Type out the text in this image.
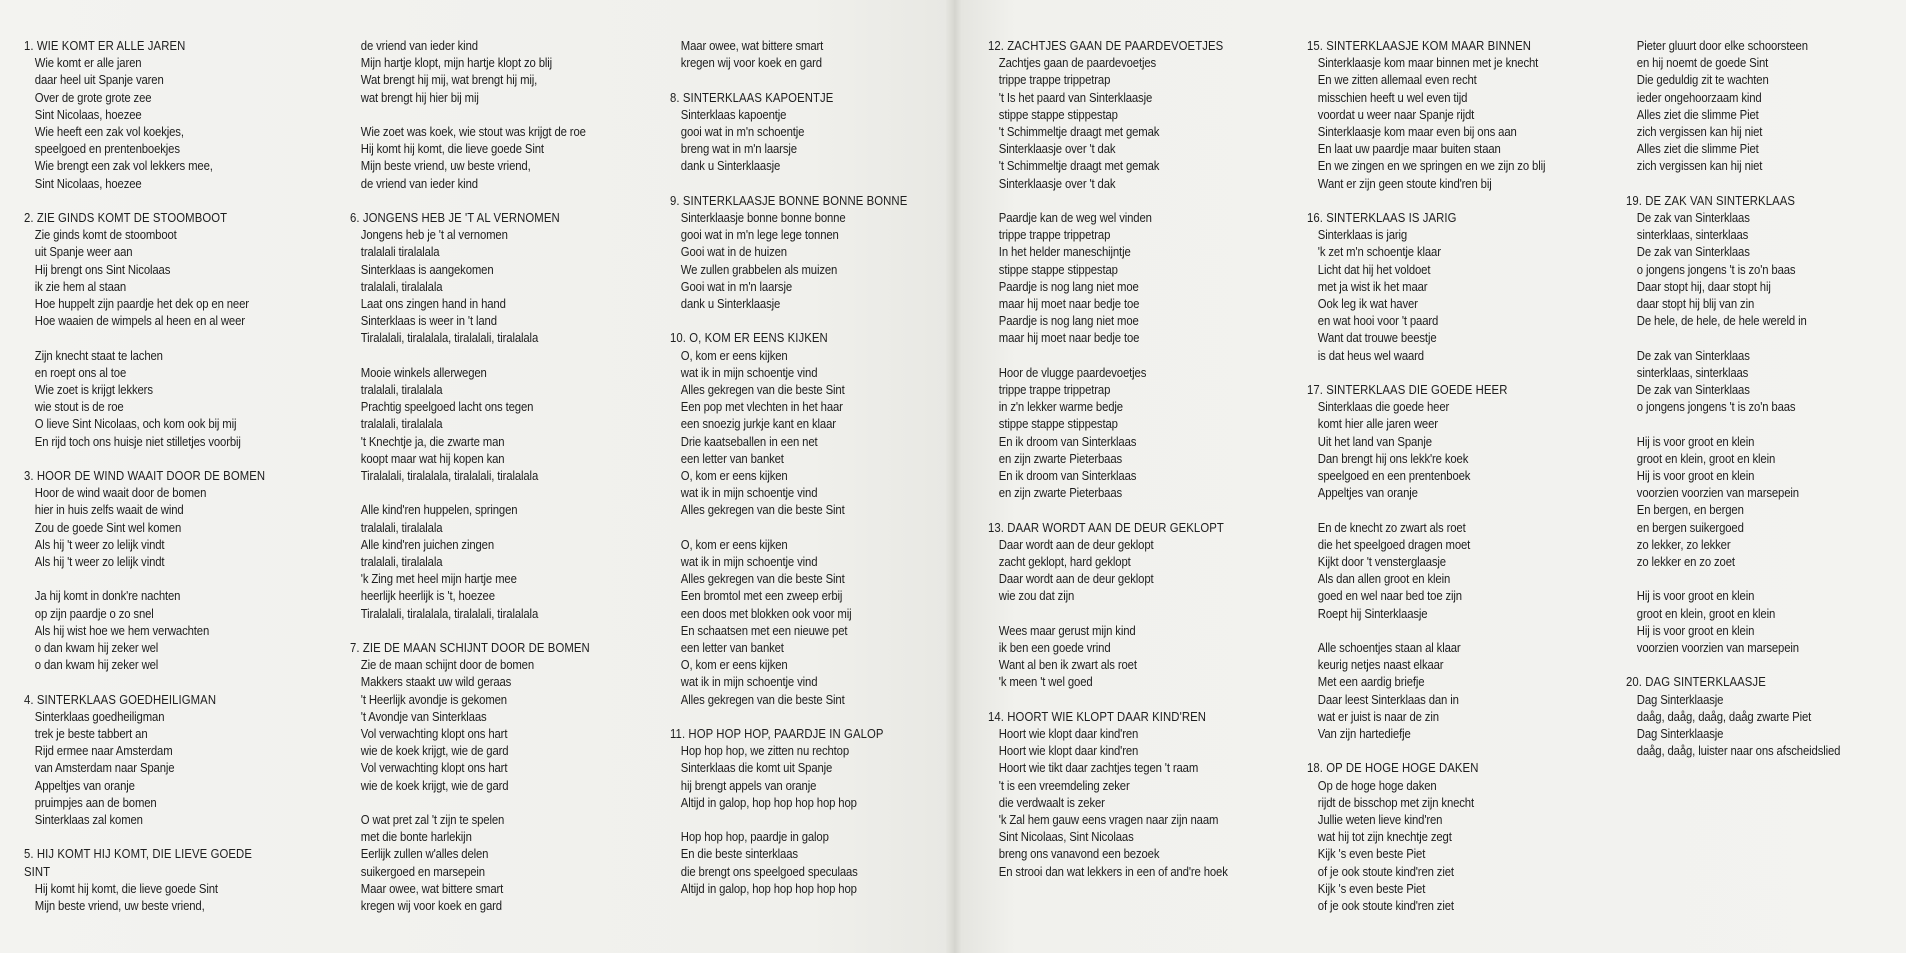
1. WIE KOMT ER ALLE JAREN
Wie komt er alle jaren
daar heel uit Spanje varen
Over de grote grote zee
Sint Nicolaas, hoezee
Wie heeft een zak vol koekjes,
speelgoed en prentenboekjes
Wie brengt een zak vol lekkers mee,
Sint Nicolaas, hoezee
2. ZIE GINDS KOMT DE STOOMBOOT
Zie ginds komt de stoomboot
uit Spanje weer aan
Hij brengt ons Sint Nicolaas
ik zie hem al staan
Hoe huppelt zijn paardje het dek op en neer
Hoe waaien de wimpels al heen en al weer
Zijn knecht staat te lachen
en roept ons al toe
Wie zoet is krijgt lekkers
wie stout is de roe
O lieve Sint Nicolaas, och kom ook bij mij
En rijd toch ons huisje niet stilletjes voorbij
3. HOOR DE WIND WAAIT DOOR DE BOMEN
Hoor de wind waait door de bomen
hier in huis zelfs waait de wind
Zou de goede Sint wel komen
Als hij 't weer zo lelijk vindt
Als hij 't weer zo lelijk vindt
Ja hij komt in donk're nachten
op zijn paardje o zo snel
Als hij wist hoe we hem verwachten
o dan kwam hij zeker wel
o dan kwam hij zeker wel
4. SINTERKLAAS GOEDHEILIGMAN
Sinterklaas goedheiligman
trek je beste tabbert an
Rijd ermee naar Amsterdam
van Amsterdam naar Spanje
Appeltjes van oranje
pruimpjes aan de bomen
Sinterklaas zal komen
5. HIJ KOMT HIJ KOMT, DIE LIEVE GOEDE
SINT
Hij komt hij komt, die lieve goede Sint
Mijn beste vriend, uw beste vriend,
de vriend van ieder kind
Mijn hartje klopt, mijn hartje klopt zo blij
Wat brengt hij mij, wat brengt hij mij,
wat brengt hij hier bij mij
Wie zoet was koek, wie stout was krijgt de roe
Hij komt hij komt, die lieve goede Sint
Mijn beste vriend, uw beste vriend,
de vriend van ieder kind
6. JONGENS HEB JE 'T AL VERNOMEN
Jongens heb je 't al vernomen
tralalali tiralalala
Sinterklaas is aangekomen
tralalali, tiralalala
Laat ons zingen hand in hand
Sinterklaas is weer in 't land
Tiralalali, tiralalala, tiralalali, tiralalala
Mooie winkels allerwegen
tralalali, tiralalala
Prachtig speelgoed lacht ons tegen
tralalali, tiralalala
't Knechtje ja, die zwarte man
koopt maar wat hij kopen kan
Tiralalali, tiralalala, tiralalali, tiralalala
Alle kind'ren huppelen, springen
tralalali, tiralalala
Alle kind'ren juichen zingen
tralalali, tiralalala
'k Zing met heel mijn hartje mee
heerlijk heerlijk is 't, hoezee
Tiralalali, tiralalala, tiralalali, tiralalala
7. ZIE DE MAAN SCHIJNT DOOR DE BOMEN
Zie de maan schijnt door de bomen
Makkers staakt uw wild geraas
't Heerlijk avondje is gekomen
't Avondje van Sinterklaas
Vol verwachting klopt ons hart
wie de koek krijgt, wie de gard
Vol verwachting klopt ons hart
wie de koek krijgt, wie de gard
O wat pret zal 't zijn te spelen
met die bonte harlekijn
Eerlijk zullen w'alles delen
suikergoed en marsepein
Maar owee, wat bittere smart
kregen wij voor koek en gard
Maar owee, wat bittere smart
kregen wij voor koek en gard
8. SINTERKLAAS KAPOENTJE
Sinterklaas kapoentje
gooi wat in m'n schoentje
breng wat in m'n laarsje
dank u Sinterklaasje
9. SINTERKLAASJE BONNE BONNE BONNE
Sinterklaasje bonne bonne bonne
gooi wat in m'n lege lege tonnen
Gooi wat in de huizen
We zullen grabbelen als muizen
Gooi wat in m'n laarsje
dank u Sinterklaasje
10. O, KOM ER EENS KIJKEN
O, kom er eens kijken
wat ik in mijn schoentje vind
Alles gekregen van die beste Sint
Een pop met vlechten in het haar
een snoezig jurkje kant en klaar
Drie kaatseballen in een net
een letter van banket
O, kom er eens kijken
wat ik in mijn schoentje vind
Alles gekregen van die beste Sint
O, kom er eens kijken
wat ik in mijn schoentje vind
Alles gekregen van die beste Sint
Een bromtol met een zweep erbij
een doos met blokken ook voor mij
En schaatsen met een nieuwe pet
een letter van banket
O, kom er eens kijken
wat ik in mijn schoentje vind
Alles gekregen van die beste Sint
11. HOP HOP HOP, PAARDJE IN GALOP
Hop hop hop, we zitten nu rechtop
Sinterklaas die komt uit Spanje
hij brengt appels van oranje
Altijd in galop, hop hop hop hop hop
Hop hop hop, paardje in galop
En die beste sinterklaas
die brengt ons speelgoed speculaas
Altijd in galop, hop hop hop hop hop
12. ZACHTJES GAAN DE PAARDEVOETJES
Zachtjes gaan de paardevoetjes
trippe trappe trippetrap
't Is het paard van Sinterklaasje
stippe stappe stippestap
't Schimmeltje draagt met gemak
Sinterklaasje over 't dak
't Schimmeltje draagt met gemak
Sinterklaasje over 't dak
Paardje kan de weg wel vinden
trippe trappe trippetrap
In het helder maneschijntje
stippe stappe stippestap
Paardje is nog lang niet moe
maar hij moet naar bedje toe
Paardje is nog lang niet moe
maar hij moet naar bedje toe
Hoor de vlugge paardevoetjes
trippe trappe trippetrap
in z'n lekker warme bedje
stippe stappe stippestap
En ik droom van Sinterklaas
en zijn zwarte Pieterbaas
En ik droom van Sinterklaas
en zijn zwarte Pieterbaas
13. DAAR WORDT AAN DE DEUR GEKLOPT
Daar wordt aan de deur geklopt
zacht geklopt, hard geklopt
Daar wordt aan de deur geklopt
wie zou dat zijn
Wees maar gerust mijn kind
ik ben een goede vrind
Want al ben ik zwart als roet
'k meen 't wel goed
14. HOORT WIE KLOPT DAAR KIND'REN
Hoort wie klopt daar kind'ren
Hoort wie klopt daar kind'ren
Hoort wie tikt daar zachtjes tegen 't raam
't is een vreemdeling zeker
die verdwaalt is zeker
'k Zal hem gauw eens vragen naar zijn naam
Sint Nicolaas, Sint Nicolaas
breng ons vanavond een bezoek
En strooi dan wat lekkers in een of and're hoek
15. SINTERKLAASJE KOM MAAR BINNEN
Sinterklaasje kom maar binnen met je knecht
En we zitten allemaal even recht
misschien heeft u wel even tijd
voordat u weer naar Spanje rijdt
Sinterklaasje kom maar even bij ons aan
En laat uw paardje maar buiten staan
En we zingen en we springen en we zijn zo blij
Want er zijn geen stoute kind'ren bij
16. SINTERKLAAS IS JARIG
Sinterklaas is jarig
'k zet m'n schoentje klaar
Licht dat hij het voldoet
met ja wist ik het maar
Ook leg ik wat haver
en wat hooi voor 't paard
Want dat trouwe beestje
is dat heus wel waard
17. SINTERKLAAS DIE GOEDE HEER
Sinterklaas die goede heer
komt hier alle jaren weer
Uit het land van Spanje
Dan brengt hij ons lekk're koek
speelgoed en een prentenboek
Appeltjes van oranje
En de knecht zo zwart als roet
die het speelgoed dragen moet
Kijkt door 't vensterglaasje
Als dan allen groot en klein
goed en wel naar bed toe zijn
Roept hij Sinterklaasje
Alle schoentjes staan al klaar
keurig netjes naast elkaar
Met een aardig briefje
Daar leest Sinterklaas dan in
wat er juist is naar de zin
Van zijn hartediefje
18. OP DE HOGE HOGE DAKEN
Op de hoge hoge daken
rijdt de bisschop met zijn knecht
Jullie weten lieve kind'ren
wat hij tot zijn knechtje zegt
Kijk 's even beste Piet
of je ook stoute kind'ren ziet
Kijk 's even beste Piet
of je ook stoute kind'ren ziet
Pieter gluurt door elke schoorsteen
en hij noemt de goede Sint
Die geduldig zit te wachten
ieder ongehoorzaam kind
Alles ziet die slimme Piet
zich vergissen kan hij niet
Alles ziet die slimme Piet
zich vergissen kan hij niet
19. DE ZAK VAN SINTERKLAAS
De zak van Sinterklaas
sinterklaas, sinterklaas
De zak van Sinterklaas
o jongens jongens 't is zo'n baas
Daar stopt hij, daar stopt hij
daar stopt hij blij van zin
De hele, de hele, de hele wereld in
De zak van Sinterklaas
sinterklaas, sinterklaas
De zak van Sinterklaas
o jongens jongens 't is zo'n baas
Hij is voor groot en klein
groot en klein, groot en klein
Hij is voor groot en klein
voorzien voorzien van marsepein
En bergen, en bergen
en bergen suikergoed
zo lekker, zo lekker
zo lekker en zo zoet
Hij is voor groot en klein
groot en klein, groot en klein
Hij is voor groot en klein
voorzien voorzien van marsepein
20. DAG SINTERKLAASJE
Dag Sinterklaasje
daåg, daåg, daåg, daåg zwarte Piet
Dag Sinterklaasje
daåg, daåg, luister naar ons afscheidslied
